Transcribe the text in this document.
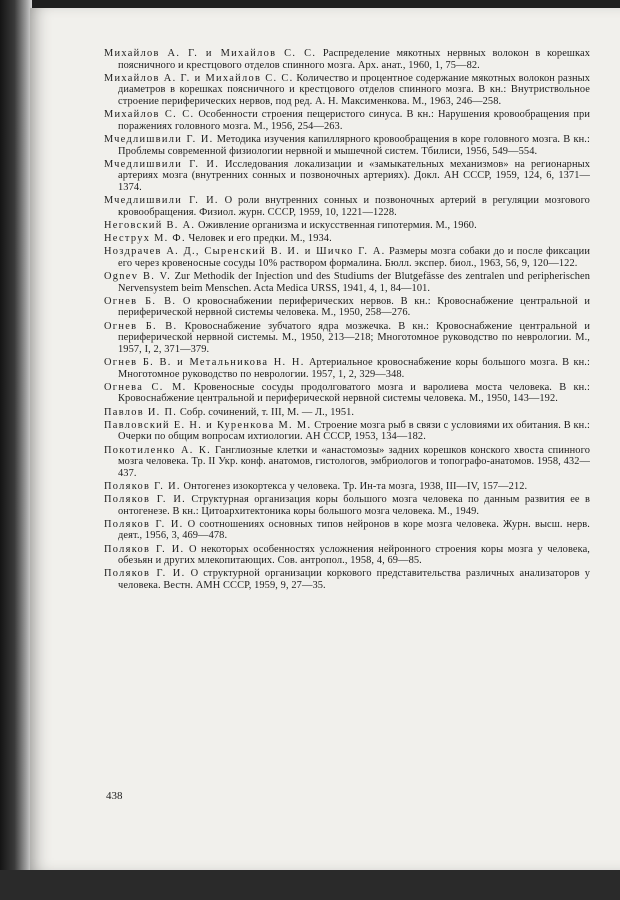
Михайлов А. Г. и Михайлов С. С. Распределение мякотных нервных волокон в корешках поясничного и крестцового отделов спинного мозга. Арх. анат., 1960, 1, 75—82.
Михайлов А. Г. и Михайлов С. С. Количество и процентное содержание мякотных волокон разных диаметров в корешках поясничного и крестцового отделов спинного мозга. В кн.: Внутриствольное строение периферических нервов, под ред. А. Н. Максименкова. М., 1963, 246—258.
Михайлов С. С. Особенности строения пещеристого синуса. В кн.: Нарушения кровообращения при поражениях головного мозга. М., 1956, 254—263.
Мчедлишвили Г. И. Методика изучения капиллярного кровообращения в коре головного мозга. В кн.: Проблемы современной физиологии нервной и мышечной систем. Тбилиси, 1956, 549—554.
Мчедлишвили Г. И. Исследования локализации и «замыкательных механизмов» на регионарных артериях мозга (внутренних сонных и позвоночных артериях). Докл. АН СССР, 1959, 124, 6, 1371—1374.
Мчедлишвили Г. И. О роли внутренних сонных и позвоночных артерий в регуляции мозгового кровообращения. Физиол. журн. СССР, 1959, 10, 1221—1228.
Неговский В. А. Оживление организма и искусственная гипотермия. М., 1960.
Неструх М. Ф. Человек и его предки. М., 1934.
Ноздрачев А. Д., Сыренский В. И. и Шичко Г. А. Размеры мозга собаки до и после фиксации его через кровеносные сосуды 10% раствором формалина. Бюлл. экспер. биол., 1963, 56, 9, 120—122.
Ognev B. V. Zur Methodik der Injection und des Studiums der Blutgefässe des zentralen und peripherischen Nervensystem beim Menschen. Acta Medica URSS, 1941, 4, 1, 84—101.
Огнев Б. В. О кровоснабжении периферических нервов. В кн.: Кровоснабжение центральной и периферической нервной системы человека. М., 1950, 258—276.
Огнев Б. В. Кровоснабжение зубчатого ядра мозжечка. В кн.: Кровоснабжение центральной и периферической нервной системы. М., 1950, 213—218; Многотомное руководство по неврологии. М., 1957, I, 2, 371—379.
Огнев Б. В. и Метальникова Н. Н. Артериальное кровоснабжение коры большого мозга. В кн.: Многотомное руководство по неврологии. 1957, 1, 2, 329—348.
Огнева С. М. Кровеносные сосуды продолговатого мозга и варолиева моста человека. В кн.: Кровоснабжение центральной и периферической нервной системы человека. М., 1950, 143—192.
Павлов И. П. Собр. сочинений, т. III, М. — Л., 1951.
Павловский Е. Н. и Куренкова М. М. Строение мозга рыб в связи с условиями их обитания. В кн.: Очерки по общим вопросам ихтиологии. АН СССР, 1953, 134—182.
Покотиленко А. К. Ганглиозные клетки и «анастомозы» задних корешков конского хвоста спинного мозга человека. Тр. II Укр. конф. анатомов, гистологов, эмбриологов и топографо-анатомов. 1958, 432—437.
Поляков Г. И. Онтогенез изокортекса у человека. Тр. Ин-та мозга, 1938, III—IV, 157—212.
Поляков Г. И. Структурная организация коры большого мозга человека по данным развития ее в онтогенезе. В кн.: Цитоархитектоника коры большого мозга человека. М., 1949.
Поляков Г. И. О соотношениях основных типов нейронов в коре мозга человека. Журн. высш. нерв. деят., 1956, 3, 469—478.
Поляков Г. И. О некоторых особенностях усложнения нейронного строения коры мозга у человека, обезьян и других млекопитающих. Сов. антропол., 1958, 4, 69—85.
Поляков Г. И. О структурной организации коркового представительства различных анализаторов у человека. Вестн. АМН СССР, 1959, 9, 27—35.
438
